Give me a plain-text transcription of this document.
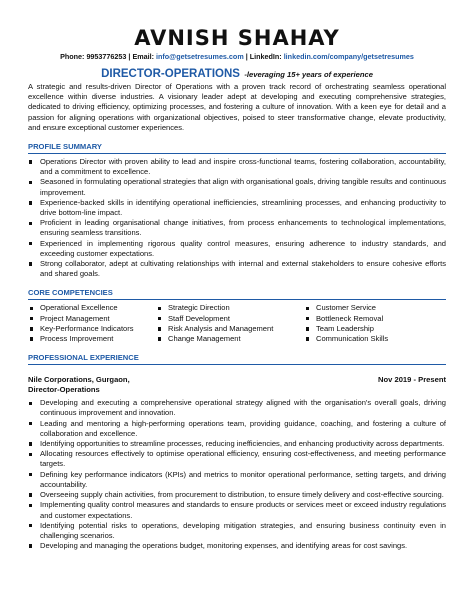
AVNISH SHAHAY
Phone: 9953776253 | Email: info@getsetresumes.com | LinkedIn: linkedin.com/company/getsetresumes
DIRECTOR-OPERATIONS -leveraging 15+ years of experience
A strategic and results-driven Director of Operations with a proven track record of orchestrating seamless operational excellence within diverse industries. A visionary leader adept at developing and executing comprehensive strategies, dedicated to driving efficiency, optimizing processes, and fostering a culture of innovation. With a keen eye for detail and a passion for aligning operations with organizational objectives, poised to steer transformative change, elevate productivity, and ensure exceptional customer experiences.
PROFILE SUMMARY
Operations Director with proven ability to lead and inspire cross-functional teams, fostering collaboration, accountability, and a commitment to excellence.
Seasoned in formulating operational strategies that align with organisational goals, driving tangible results and continuous improvement.
Experience-backed skills in identifying operational inefficiencies, streamlining processes, and enhancing productivity to drive bottom-line impact.
Proficient in leading organisational change initiatives, from process enhancements to technological implementations, ensuring seamless transitions.
Experienced in implementing rigorous quality control measures, ensuring adherence to industry standards, and exceeding customer expectations.
Strong collaborator, adept at cultivating relationships with internal and external stakeholders to ensure cohesive efforts and shared goals.
CORE COMPETENCIES
Operational Excellence
Project Management
Key-Performance Indicators
Process Improvement
Strategic Direction
Staff Development
Risk Analysis and Management
Change Management
Customer Service
Bottleneck Removal
Team Leadership
Communication Skills
PROFESSIONAL EXPERIENCE
Nile Corporations, Gurgaon,	Nov 2019 - Present
Director-Operations
Developing and executing a comprehensive operational strategy aligned with the organisation's overall goals, driving continuous improvement and innovation.
Leading and mentoring a high-performing operations team, providing guidance, coaching, and fostering a culture of collaboration and excellence.
Identifying opportunities to streamline processes, reducing inefficiencies, and enhancing productivity across departments.
Allocating resources effectively to optimise operational efficiency, ensuring cost-effectiveness, and meeting performance targets.
Defining key performance indicators (KPIs) and metrics to monitor operational performance, setting targets, and driving accountability.
Overseeing supply chain activities, from procurement to distribution, to ensure timely delivery and cost-effective sourcing.
Implementing quality control measures and standards to ensure products or services meet or exceed industry regulations and customer expectations.
Identifying potential risks to operations, developing mitigation strategies, and ensuring business continuity even in challenging scenarios.
Developing and managing the operations budget, monitoring expenses, and identifying areas for cost savings.
